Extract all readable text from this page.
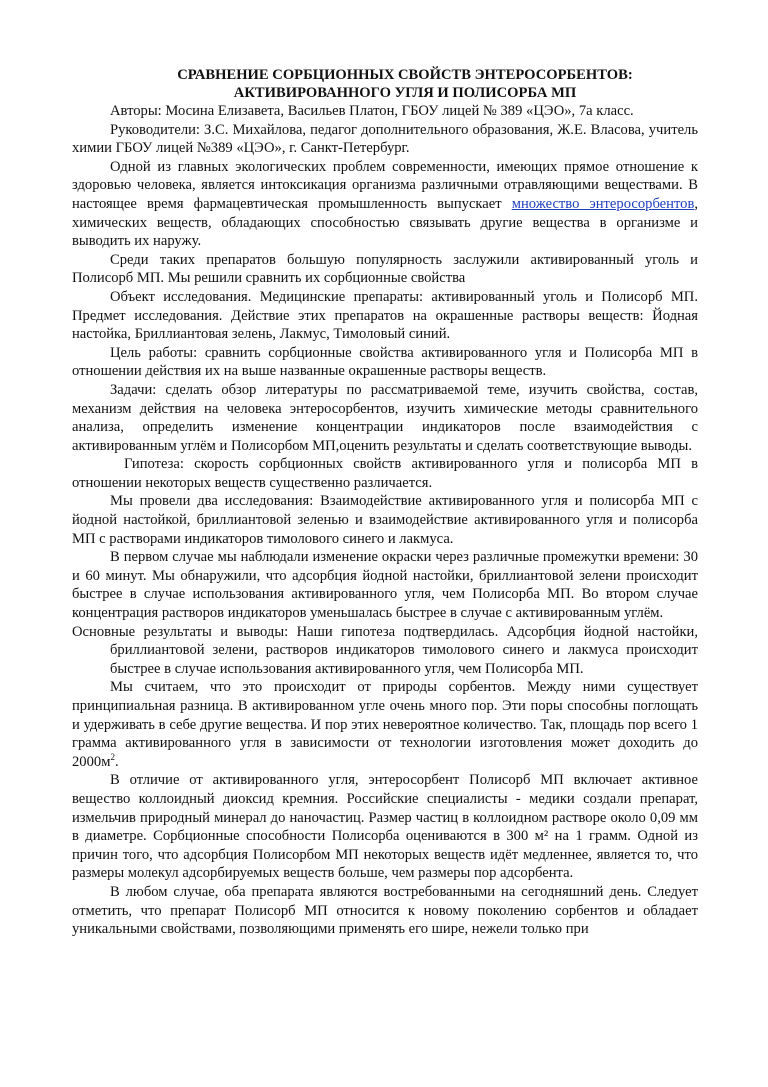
СРАВНЕНИЕ СОРБЦИОННЫХ СВОЙСТВ ЭНТЕРОСОРБЕНТОВ:

АКТИВИРОВАННОГО УГЛЯ И ПОЛИСОРБА МП

Авторы: Мосина Елизавета, Васильев Платон, ГБОУ лицей № 389 «ЦЭО», 7а класс.

Руководители: З.С. Михайлова, педагог дополнительного образования, Ж.Е. Власова, учитель химии ГБОУ лицей №389 «ЦЭО», г. Санкт-Петербург.

Одной из главных экологических проблем современности, имеющих прямое отношение к здоровью человека, является интоксикация организма различными отравляющими веществами. В настоящее время фармацевтическая промышленность выпускает множество энтеросорбентов, химических веществ, обладающих способностью связывать другие вещества в организме и выводить их наружу.

Среди таких препаратов большую популярность заслужили активированный уголь и Полисорб МП. Мы решили сравнить их сорбционные свойства

Объект исследования. Медицинские препараты: активированный уголь и Полисорб МП. Предмет исследования. Действие этих препаратов на окрашенные растворы веществ: Йодная настойка, Бриллиантовая зелень, Лакмус, Тимоловый синий.

Цель работы: сравнить сорбционные свойства активированного угля и Полисорба МП в отношении действия их на выше названные окрашенные растворы веществ.

Задачи: сделать обзор литературы по рассматриваемой теме, изучить свойства, состав, механизм действия на человека энтеросорбентов, изучить химические методы сравнительного анализа, определить изменение концентрации индикаторов после взаимодействия с активированным углём и Полисорбом МП,оценить результаты и сделать соответствующие выводы.

Гипотеза: скорость сорбционных свойств активированного угля и полисорба МП в отношении некоторых веществ существенно различается.

Мы провели два исследования: Взаимодействие активированного угля и полисорба МП с йодной настойкой, бриллиантовой зеленью и взаимодействие активированного угля и полисорба МП с растворами индикаторов тимолового синего и лакмуса.

В первом случае мы наблюдали изменение окраски через различные промежутки времени: 30 и 60 минут. Мы обнаружили, что адсорбция йодной настойки, бриллиантовой зелени происходит быстрее в случае использования активированного угля, чем Полисорба МП. Во втором случае концентрация растворов индикаторов уменьшалась быстрее в случае с активированным углём.

Основные результаты и выводы: Наши гипотеза подтвердилась. Адсорбция йодной настойки, бриллиантовой зелени, растворов индикаторов тимолового синего и лакмуса происходит быстрее в случае использования активированного угля, чем Полисорба МП.

Мы считаем, что это происходит от природы сорбентов. Между ними существует принципиальная разница. В активированном угле очень много пор. Эти поры способны поглощать и удерживать в себе другие вещества. И пор этих невероятное количество. Так, площадь пор всего 1 грамма активированного угля в зависимости от технологии изготовления может доходить до $2000м^2$.

В отличие от активированного угля, энтеросорбент Полисорб МП включает активное вещество коллоидный диоксид кремния. Российские специалисты - медики создали препарат, измельчив природный минерал до наночастиц. Размер частиц в коллоидном растворе около 0,09 мм в диаметре. Сорбционные способности Полисорба оцениваются в 300 м² на 1 грамм. Одной из причин того, что адсорбция Полисорбом МП некоторых веществ идёт медленнее, является то, что размеры молекул адсорбируемых веществ больше, чем размеры пор адсорбента.

В любом случае, оба препарата являются востребованными на сегодняшний день. Следует отметить, что препарат Полисорб МП относится к новому поколению сорбентов и обладает уникальными свойствами, позволяющими применять его шире, нежели только при
